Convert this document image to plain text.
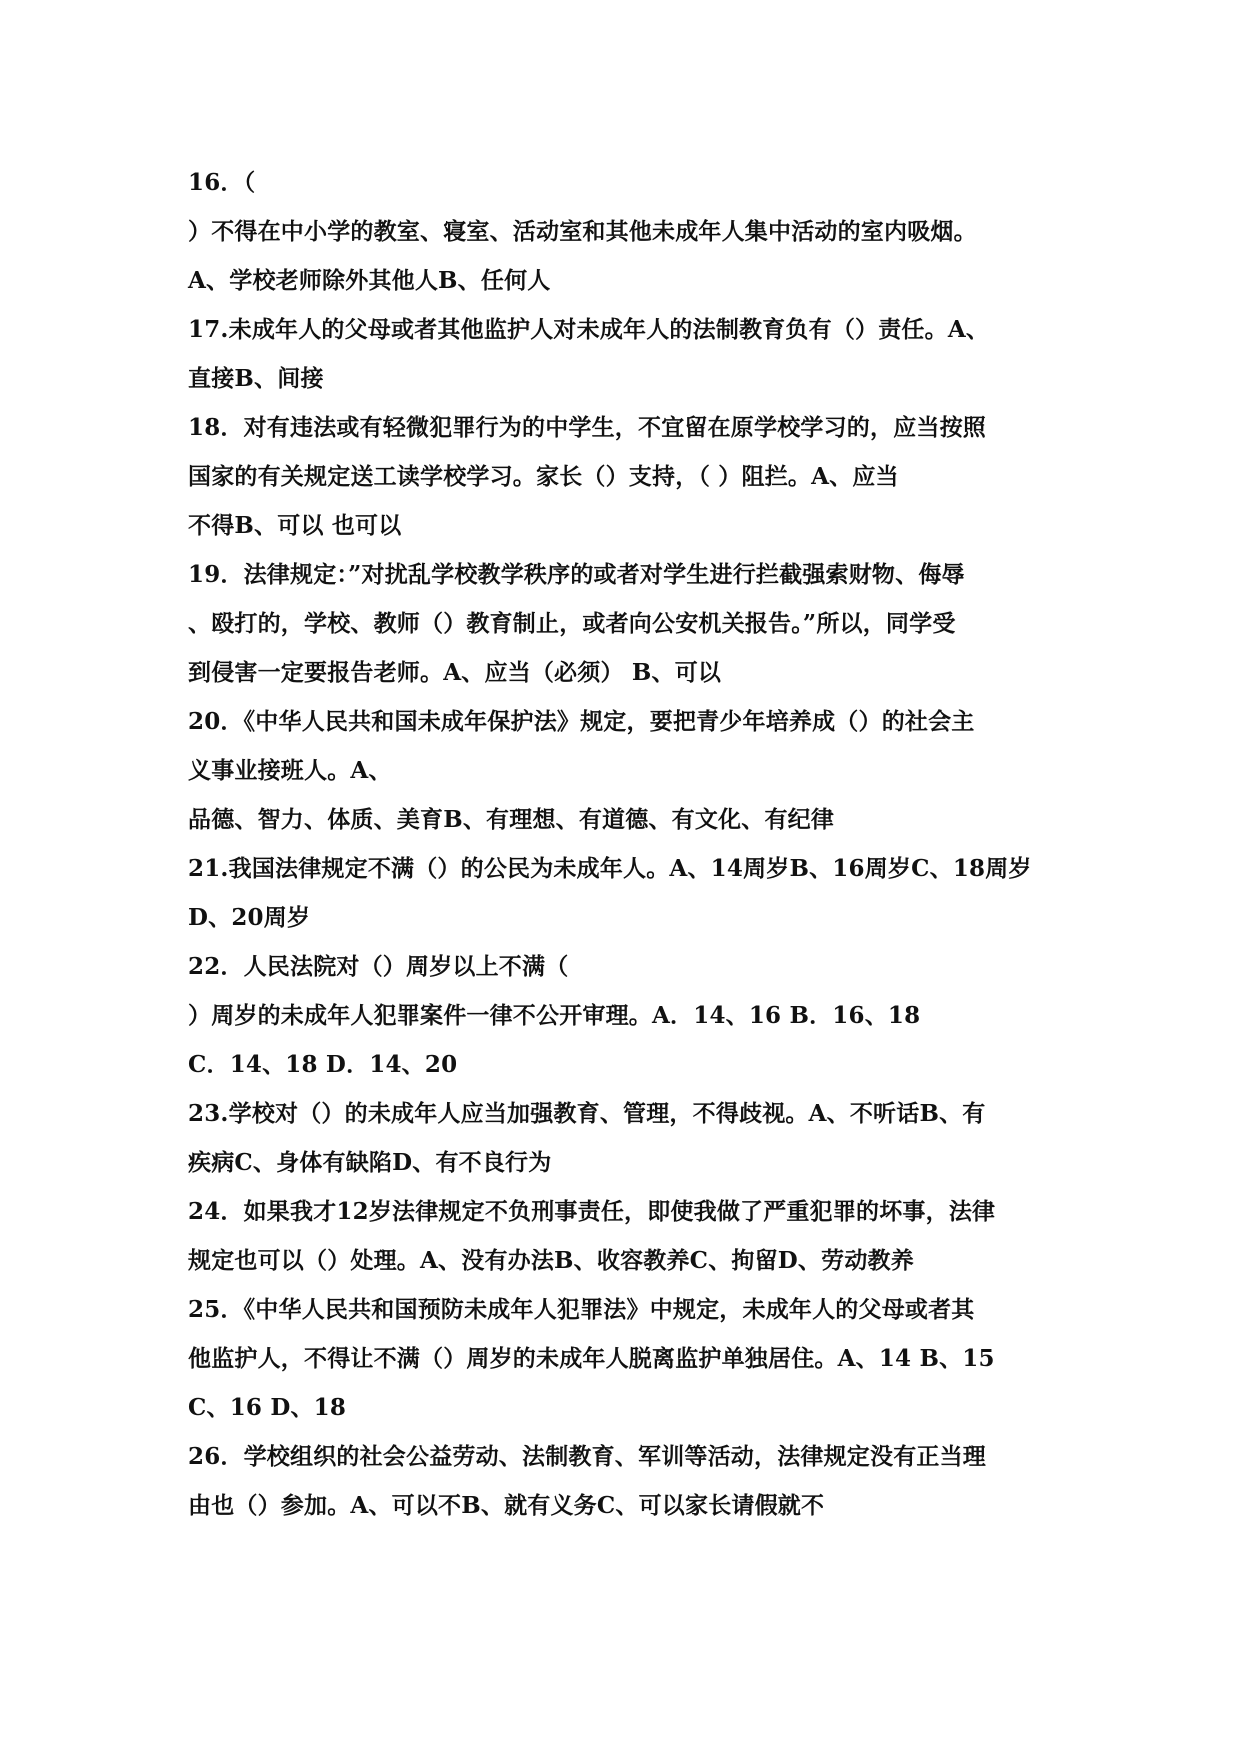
16．（
）不得在中小学的教室、寝室、活动室和其他未成年人集中活动的室内吸烟。
A、学校老师除外其他人B、任何人
17.未成年人的父母或者其他监护人对未成年人的法制教育负有（）责任。A、
直接B、间接
18．对有违法或有轻微犯罪行为的中学生，不宜留在原学校学习的，应当按照
国家的有关规定送工读学校学习。家长（）支持，（ ）阻拦。A、应当
不得B、可以 也可以
19．法律规定：”对扰乱学校教学秩序的或者对学生进行拦截强索财物、侮辱
、殴打的，学校、教师（）教育制止，或者向公安机关报告。”所以，同学受
到侵害一定要报告老师。A、应当（必须） B、可以
20．《中华人民共和国未成年保护法》规定，要把青少年培养成（）的社会主
义事业接班人。A、
品德、智力、体质、美育B、有理想、有道德、有文化、有纪律
21.我国法律规定不满（）的公民为未成年人。A、14周岁B、16周岁C、18周岁
D、20周岁
22．人民法院对（）周岁以上不满（
）周岁的未成年人犯罪案件一律不公开审理。A．14、16 B．16、18
C．14、18 D．14、20
23.学校对（）的未成年人应当加强教育、管理，不得歧视。A、不听话B、有
疾病C、身体有缺陷D、有不良行为
24．如果我才12岁法律规定不负刑事责任，即使我做了严重犯罪的坏事，法律
规定也可以（）处理。A、没有办法B、收容教养C、拘留D、劳动教养
25．《中华人民共和国预防未成年人犯罪法》中规定，未成年人的父母或者其
他监护人，不得让不满（）周岁的未成年人脱离监护单独居住。A、14 B、15
C、16 D、18
26．学校组织的社会公益劳动、法制教育、军训等活动，法律规定没有正当理
由也（）参加。A、可以不B、就有义务C、可以家长请假就不
